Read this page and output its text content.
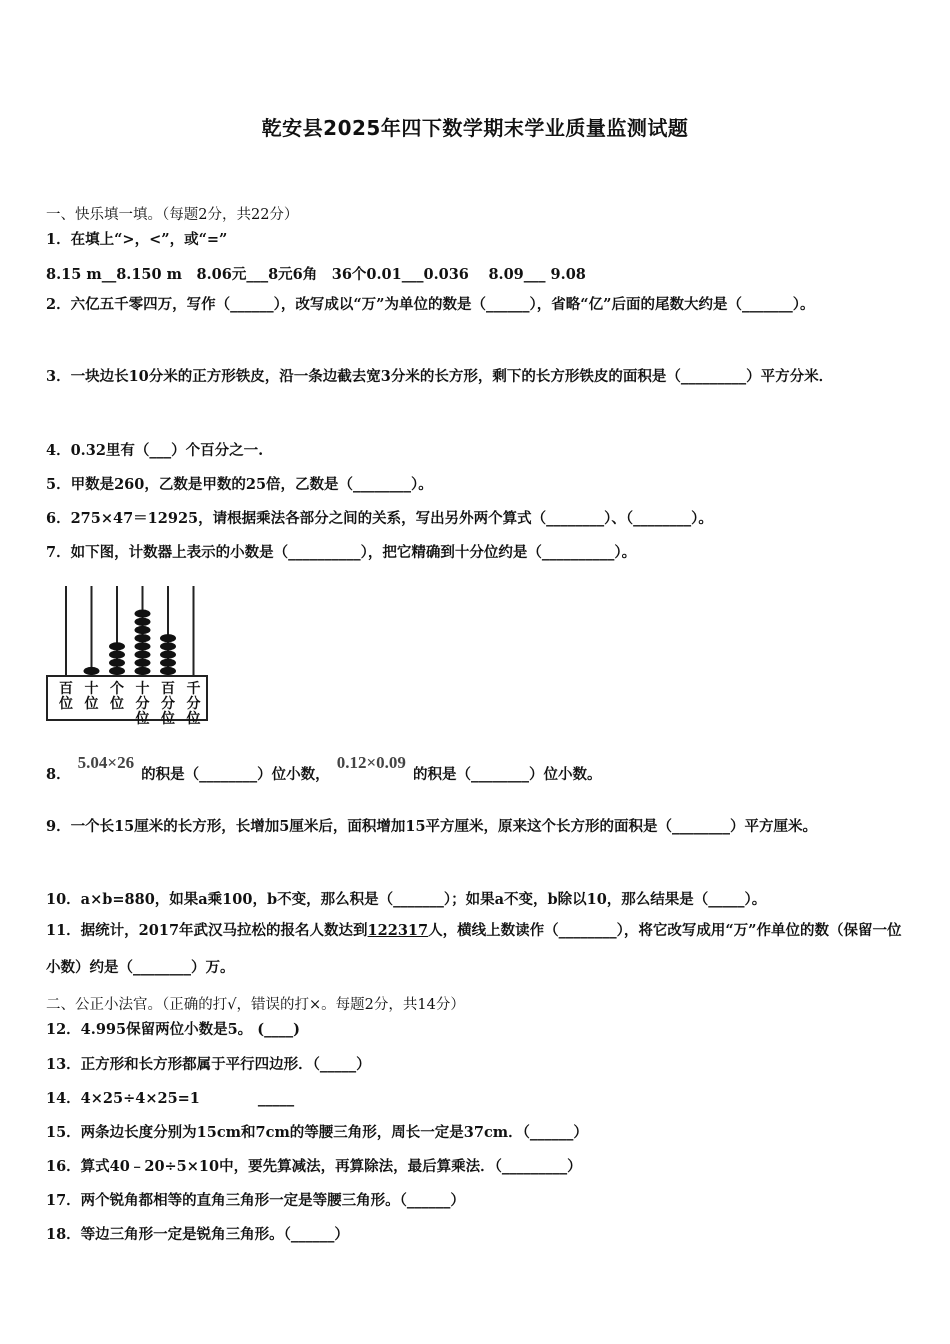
乾安县2025年四下数学期末学业质量监测试题
一、快乐填一填。（每题2分，共22分）
1．在填上“>，<”，或“=”
8.15 m__8.150 m　8.06元___8元6角　36个0.01___0.036　 8.09___ 9.08
2．六亿五千零四万，写作（______），改写成以“万”为单位的数是（______），省略“亿”后面的尾数大约是（_______）。
3．一块边长10分米的正方形铁皮，沿一条边截去宽3分米的长方形，剩下的长方形铁皮的面积是（_________）平方分米．
4．0.32里有（___）个百分之一.
5．甲数是260，乙数是甲数的25倍，乙数是（________）。
6．275×47＝12925，请根据乘法各部分之间的关系，写出另外两个算式（________）、（________）。
7．如下图，计数器上表示的小数是（__________），把它精确到十分位约是（__________）。
百
位
十
位
个
位
十
分
位
百
分
位
千
分
位
8． 5.04×26 的积是（________）位小数， 0.12×0.09 的积是（________）位小数。
9．一个长15厘米的长方形，长增加5厘米后，面积增加15平方厘米，原来这个长方形的面积是（________）平方厘米。
10．a×b=880，如果a乘100，b不变，那么积是（_______）；如果a不变，b除以10，那么结果是（_____）。
11．据统计，2017年武汉马拉松的报名人数达到122317人，横线上数读作（________），将它改写成用“万”作单位的数（保留一位小数）约是（________）万。
二、公正小法官。（正确的打√，错误的打×。每题2分，共14分）
12．4.995保留两位小数是5。 (____)
13．正方形和长方形都属于平行四边形．（_____）
14．4×25÷4×25=1　　　　_____
15．两条边长度分别为15cm和7cm的等腰三角形，周长一定是37cm．（______）
16．算式40﹣20÷5×10中，要先算减法，再算除法，最后算乘法．（_________）
17．两个锐角都相等的直角三角形一定是等腰三角形。（______）
18．等边三角形一定是锐角三角形。（______）
